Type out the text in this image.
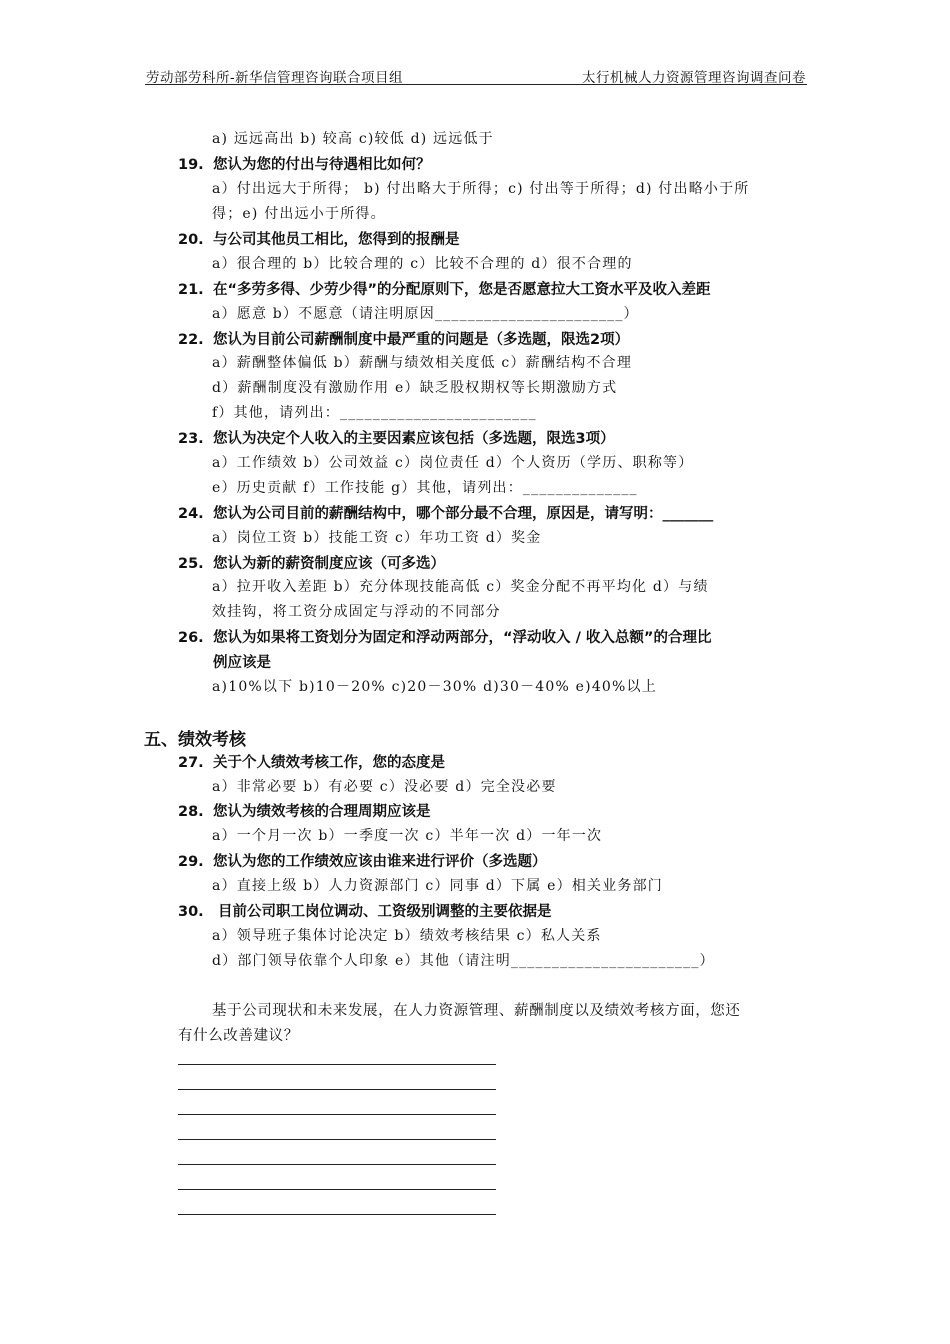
劳动部劳科所-新华信管理咨询联合项目组	太行机械人力资源管理咨询调查问卷
a) 远远高出 b) 较高 c)较低 d) 远远低于
19. 您认为您的付出与待遇相比如何？
a）付出远大于所得； b) 付出略大于所得；c) 付出等于所得；d) 付出略小于所
得；e) 付出远小于所得。
20. 与公司其他员工相比，您得到的报酬是
a）很合理的 b）比较合理的 c）比较不合理的 d）很不合理的
21. 在“多劳多得、少劳少得”的分配原则下，您是否愿意拉大工资水平及收入差距
a）愿意 b）不愿意（请注明原因_______________________）
22. 您认为目前公司薪酬制度中最严重的问题是（多选题，限选2项）
a）薪酬整体偏低 b）薪酬与绩效相关度低 c）薪酬结构不合理
d）薪酬制度没有激励作用 e）缺乏股权期权等长期激励方式
f）其他，请列出：________________________
23. 您认为决定个人收入的主要因素应该包括（多选题，限选3项）
a）工作绩效 b）公司效益 c）岗位责任 d）个人资历（学历、职称等）
e）历史贡献 f）工作技能 g）其他，请列出：______________
24. 您认为公司目前的薪酬结构中，哪个部分最不合理，原因是，请写明：_______
a）岗位工资 b）技能工资 c）年功工资 d）奖金
25. 您认为新的薪资制度应该（可多选）
a）拉开收入差距 b）充分体现技能高低 c）奖金分配不再平均化 d）与绩
效挂钩，将工资分成固定与浮动的不同部分
26. 您认为如果将工资划分为固定和浮动两部分，“浮动收入 / 收入总额”的合理比
例应该是
a)10%以下 b)10－20% c)20－30% d)30－40% e)40%以上
五、绩效考核
27. 关于个人绩效考核工作，您的态度是
a）非常必要 b）有必要 c）没必要 d）完全没必要
28. 您认为绩效考核的合理周期应该是
a）一个月一次 b）一季度一次 c）半年一次 d）一年一次
29. 您认为您的工作绩效应该由谁来进行评价（多选题）
a）直接上级 b）人力资源部门 c）同事 d）下属 e）相关业务部门
30. 目前公司职工岗位调动、工资级别调整的主要依据是
a）领导班子集体讨论决定 b）绩效考核结果 c）私人关系
d）部门领导依靠个人印象 e）其他（请注明_______________________）
基于公司现状和未来发展，在人力资源管理、薪酬制度以及绩效考核方面，您还
有什么改善建议？
